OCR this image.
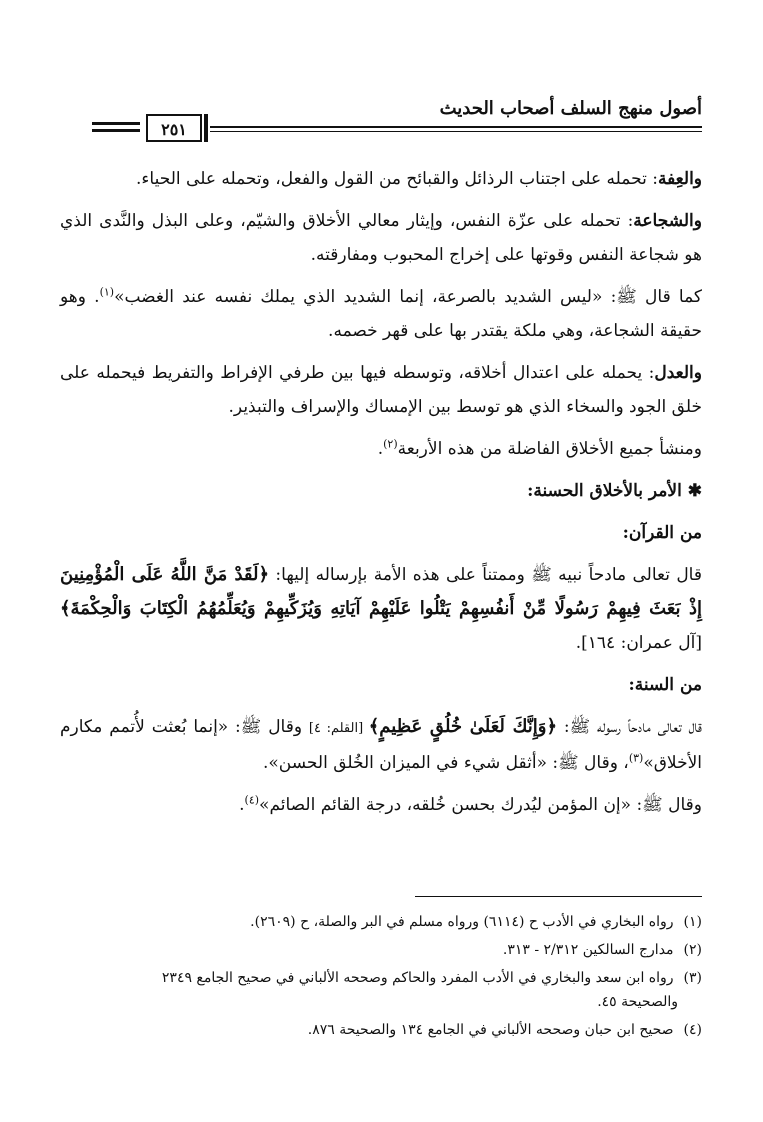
أصول منهج السلف أصحاب الحديث
٢٥١

والعِفة: تحمله على اجتناب الرذائل والقبائح من القول والفعل، وتحمله على الحياء.

والشجاعة: تحمله على عزّة النفس، وإيثار معالي الأخلاق والشيّم، وعلى البذل والنَّدى الذي هو شجاعة النفس وقوتها على إخراج المحبوب ومفارقته.

كما قال ﷺ: «ليس الشديد بالصرعة، إنما الشديد الذي يملك نفسه عند الغضب»$^{(١)}$. وهو حقيقة الشجاعة، وهي ملكة يقتدر بها على قهر خصمه.

والعدل: يحمله على اعتدال أخلاقه، وتوسطه فيها بين طرفي الإفراط والتفريط فيحمله على خلق الجود والسخاء الذي هو توسط بين الإمساك والإسراف والتبذير.

ومنشأ جميع الأخلاق الفاضلة من هذه الأربعة$^{(٢)}$.

✱ الأمر بالأخلاق الحسنة:

من القرآن:

قال تعالى مادحاً نبيه ﷺ وممتناً على هذه الأمة بإرساله إليها: ﴿لَقَدْ مَنَّ اللَّهُ عَلَى الْمُؤْمِنِينَ إِذْ بَعَثَ فِيهِمْ رَسُولًا مِّنْ أَنفُسِهِمْ يَتْلُوا عَلَيْهِمْ آيَاتِهِ وَيُزَكِّيهِمْ وَيُعَلِّمُهُمُ الْكِتَابَ وَالْحِكْمَةَ﴾ [آل عمران: ١٦٤].

من السنة:

قال تعالى مادحاً رسوله ﷺ: ﴿وَإِنَّكَ لَعَلَىٰ خُلُقٍ عَظِيمٍ﴾ [القلم: ٤] وقال ﷺ: «إنما بُعثت لأُتمم مكارم الأخلاق»$^{(٣)}$، وقال ﷺ: «أثقل شيء في الميزان الخُلق الحسن».

وقال ﷺ: «إن المؤمن ليُدرك بحسن خُلقه، درجة القائم الصائم»$^{(٤)}$.

(١) رواه البخاري في الأدب ح (٦١١٤) ورواه مسلم في البر والصلة، ح (٢٦٠٩).
(٢) مدارج السالكين ٢/٣١٢ - ٣١٣.
(٣) رواه ابن سعد والبخاري في الأدب المفرد والحاكم وصححه الألباني في صحيح الجامع ٢٣٤٩
والصحيحة ٤٥.
(٤) صحيح ابن حبان وصححه الألباني في الجامع ١٣٤ والصحيحة ٨٧٦.
